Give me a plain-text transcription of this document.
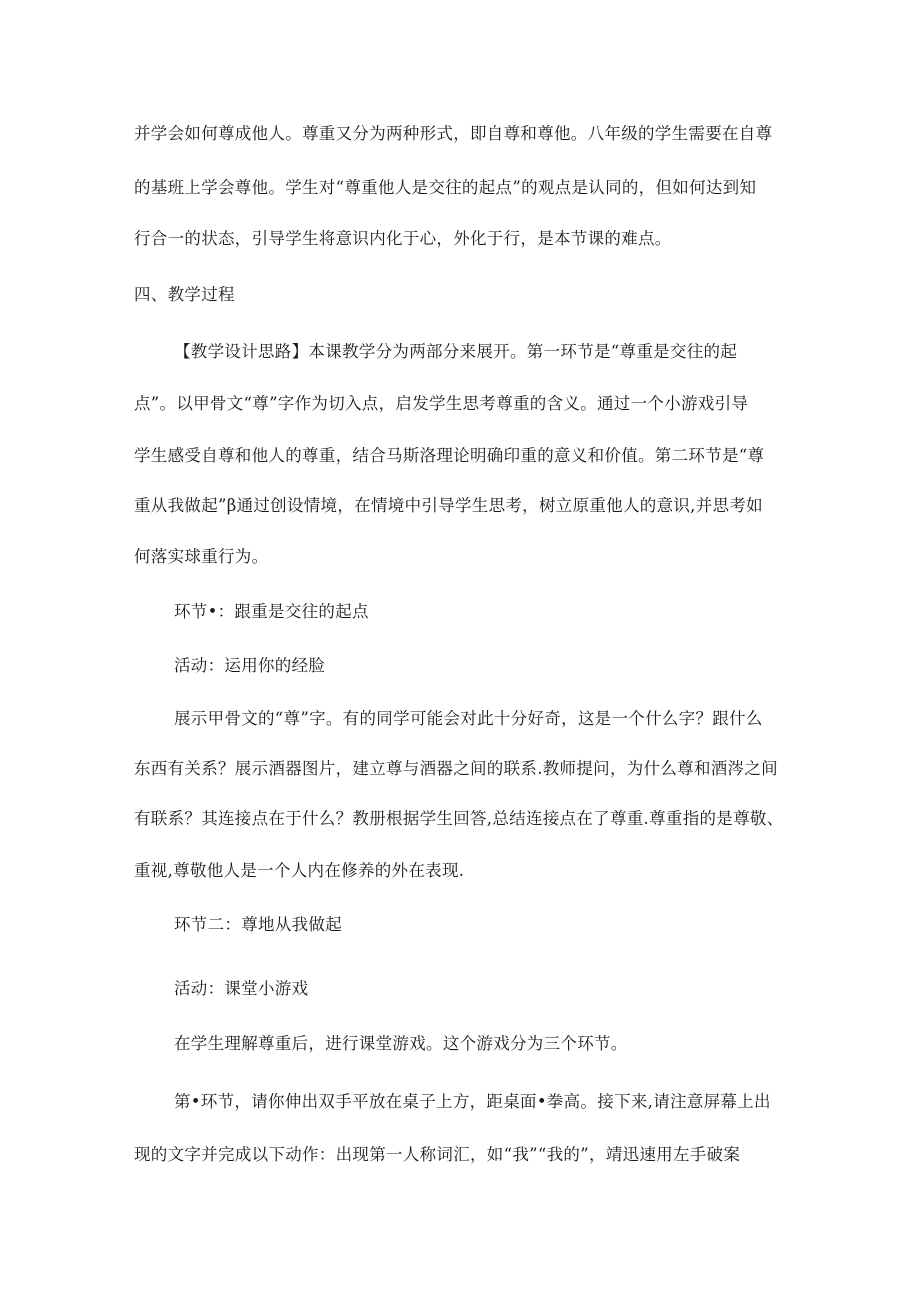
并学会如何尊成他人。尊重又分为两种形式，即自尊和尊他。八年级的学生需要在自尊
的基班上学会尊他。学生对“尊重他人是交往的起点”的观点是认同的，但如何达到知
行合一的状态，引导学生将意识内化于心，外化于行，是本节课的难点。
四、教学过程
【教学设计思路】本课教学分为两部分来展开。第一环节是“尊重是交往的起
点”。以甲骨文“尊”字作为切入点，启发学生思考尊重的含义。通过一个小游戏引导
学生感受自尊和他人的尊重，结合马斯洛理论明确印重的意义和价值。第二环节是“尊
重从我做起”β通过创设情境，在情境中引导学生思考，树立原重他人的意识,并思考如
何落实球重行为。
环节•：跟重是交往的起点
活动：运用你的经脸
展示甲骨文的“尊”字。有的同学可能会对此十分好奇，这是一个什么字？跟什么
东西有关系？展示酒器图片，建立尊与酒器之间的联系.教师提问，为什么尊和酒涔之间
有联系？其连接点在于什么？教册根据学生回答,总结连接点在了尊重.尊重指的是尊敬、
重视,尊敬他人是一个人内在修养的外在表现.
环节二：尊地从我做起
活动：课堂小游戏
在学生理解尊重后，进行课堂游戏。这个游戏分为三个环节。
第•环节，请你伸出双手平放在桌子上方，距桌面•拳高。接下来,请注意屏幕上出
现的文字并完成以下动作：出现第一人称词汇，如“我”“我的”，靖迅速用左手破案
